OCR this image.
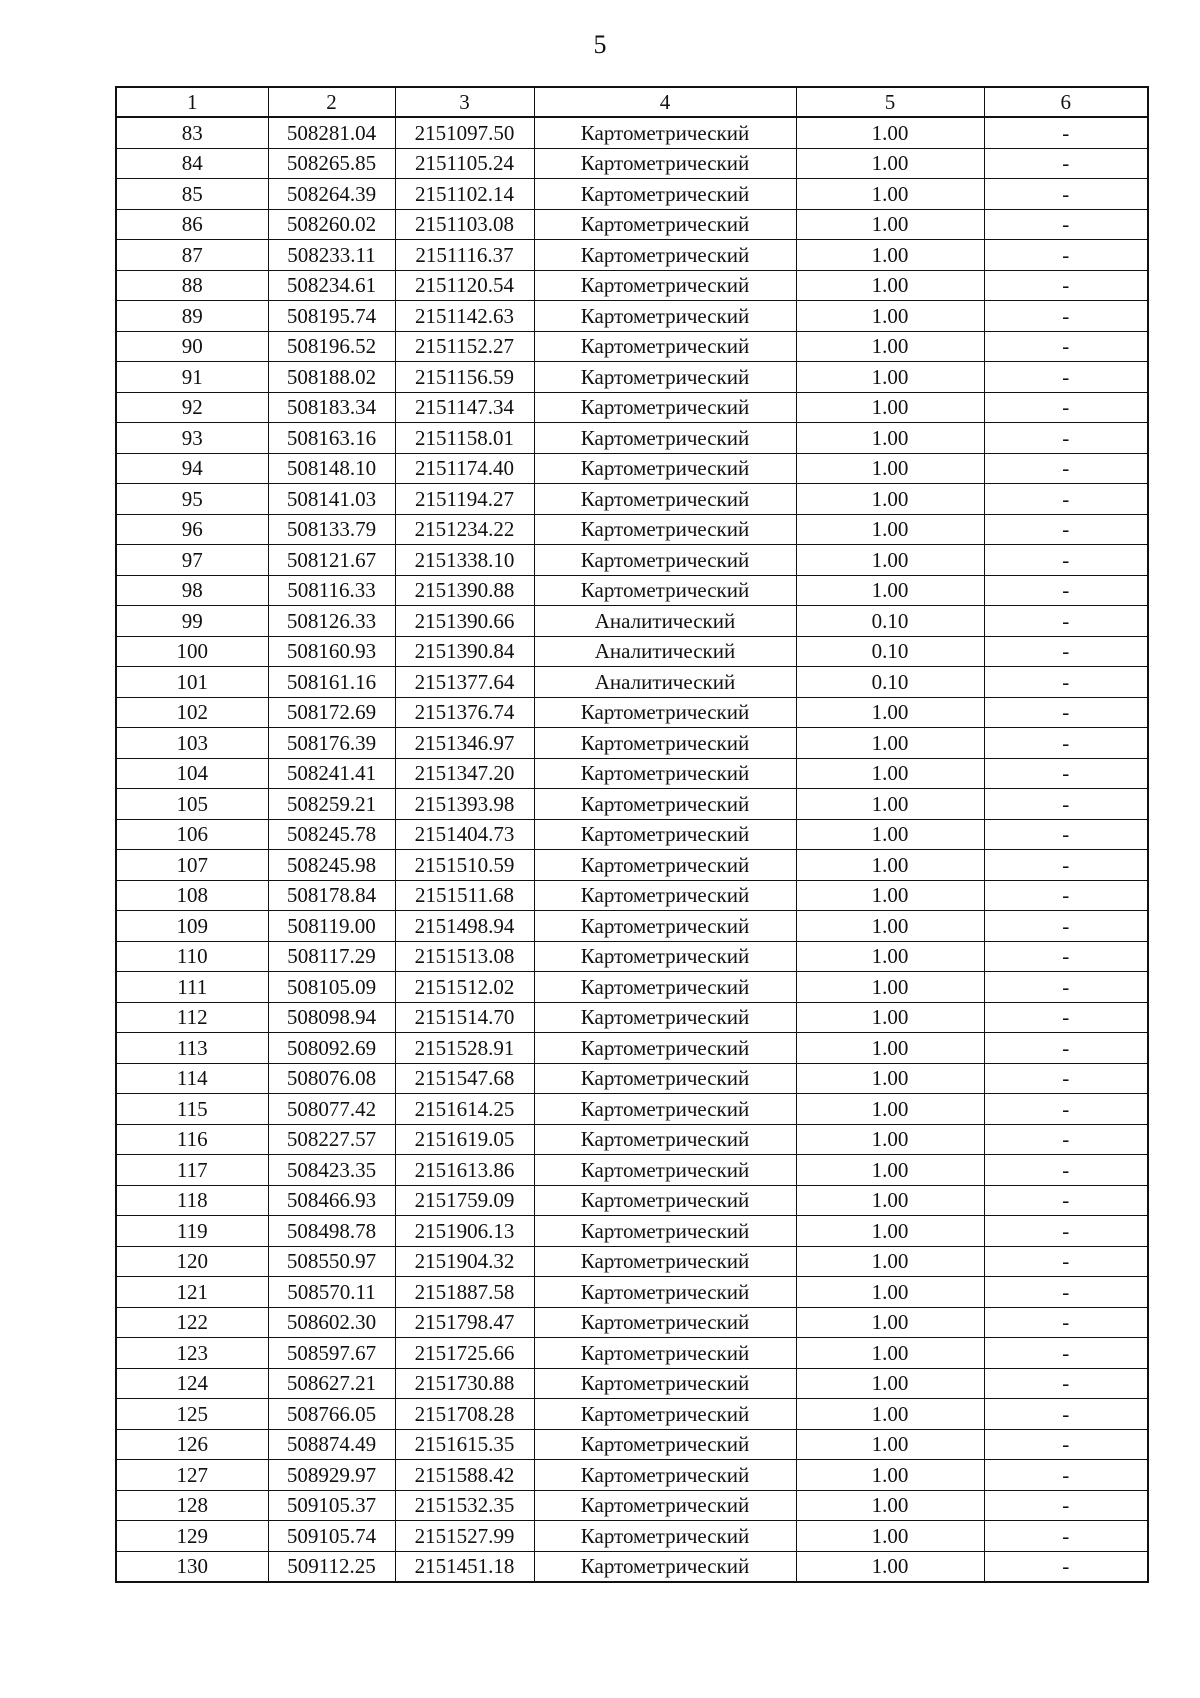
5
1	2	3	4	5	6
83	508281.04	2151097.50	Картометрический	1.00	-
84	508265.85	2151105.24	Картометрический	1.00	-
85	508264.39	2151102.14	Картометрический	1.00	-
86	508260.02	2151103.08	Картометрический	1.00	-
87	508233.11	2151116.37	Картометрический	1.00	-
88	508234.61	2151120.54	Картометрический	1.00	-
89	508195.74	2151142.63	Картометрический	1.00	-
90	508196.52	2151152.27	Картометрический	1.00	-
91	508188.02	2151156.59	Картометрический	1.00	-
92	508183.34	2151147.34	Картометрический	1.00	-
93	508163.16	2151158.01	Картометрический	1.00	-
94	508148.10	2151174.40	Картометрический	1.00	-
95	508141.03	2151194.27	Картометрический	1.00	-
96	508133.79	2151234.22	Картометрический	1.00	-
97	508121.67	2151338.10	Картометрический	1.00	-
98	508116.33	2151390.88	Картометрический	1.00	-
99	508126.33	2151390.66	Аналитический	0.10	-
100	508160.93	2151390.84	Аналитический	0.10	-
101	508161.16	2151377.64	Аналитический	0.10	-
102	508172.69	2151376.74	Картометрический	1.00	-
103	508176.39	2151346.97	Картометрический	1.00	-
104	508241.41	2151347.20	Картометрический	1.00	-
105	508259.21	2151393.98	Картометрический	1.00	-
106	508245.78	2151404.73	Картометрический	1.00	-
107	508245.98	2151510.59	Картометрический	1.00	-
108	508178.84	2151511.68	Картометрический	1.00	-
109	508119.00	2151498.94	Картометрический	1.00	-
110	508117.29	2151513.08	Картометрический	1.00	-
111	508105.09	2151512.02	Картометрический	1.00	-
112	508098.94	2151514.70	Картометрический	1.00	-
113	508092.69	2151528.91	Картометрический	1.00	-
114	508076.08	2151547.68	Картометрический	1.00	-
115	508077.42	2151614.25	Картометрический	1.00	-
116	508227.57	2151619.05	Картометрический	1.00	-
117	508423.35	2151613.86	Картометрический	1.00	-
118	508466.93	2151759.09	Картометрический	1.00	-
119	508498.78	2151906.13	Картометрический	1.00	-
120	508550.97	2151904.32	Картометрический	1.00	-
121	508570.11	2151887.58	Картометрический	1.00	-
122	508602.30	2151798.47	Картометрический	1.00	-
123	508597.67	2151725.66	Картометрический	1.00	-
124	508627.21	2151730.88	Картометрический	1.00	-
125	508766.05	2151708.28	Картометрический	1.00	-
126	508874.49	2151615.35	Картометрический	1.00	-
127	508929.97	2151588.42	Картометрический	1.00	-
128	509105.37	2151532.35	Картометрический	1.00	-
129	509105.74	2151527.99	Картометрический	1.00	-
130	509112.25	2151451.18	Картометрический	1.00	-
